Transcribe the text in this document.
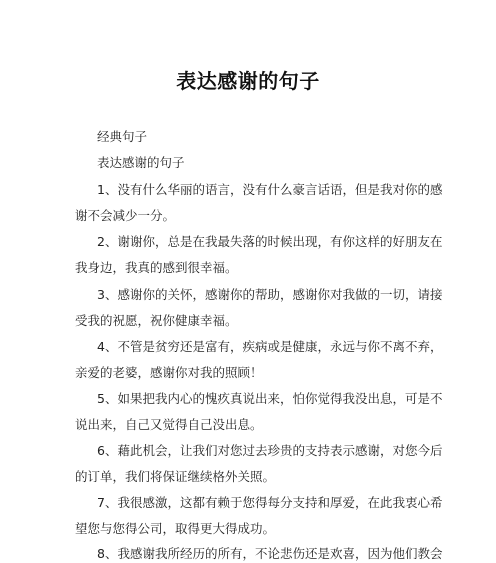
表达感谢的句子
经典句子
表达感谢的句子
1、没有什么华丽的语言，没有什么豪言话语，但是我对你的感
谢不会减少一分。
2、谢谢你，总是在我最失落的时候出现，有你这样的好朋友在
我身边，我真的感到很幸福。
3、感谢你的关怀，感谢你的帮助，感谢你对我做的一切，请接
受我的祝愿，祝你健康幸福。
4、不管是贫穷还是富有，疾病或是健康，永远与你不离不弃，
亲爱的老婆，感谢你对我的照顾！
5、如果把我内心的愧疚真说出来，怕你觉得我没出息，可是不
说出来，自己又觉得自己没出息。
6、藉此机会，让我们对您过去珍贵的支持表示感谢，对您今后
的订单，我们将保证继续格外关照。
7、我很感激，这都有赖于您得每分支持和厚爱，在此我衷心希
望您与您得公司，取得更大得成功。
8、我感谢我所经历的所有，不论悲伤还是欢喜，因为他们教会
